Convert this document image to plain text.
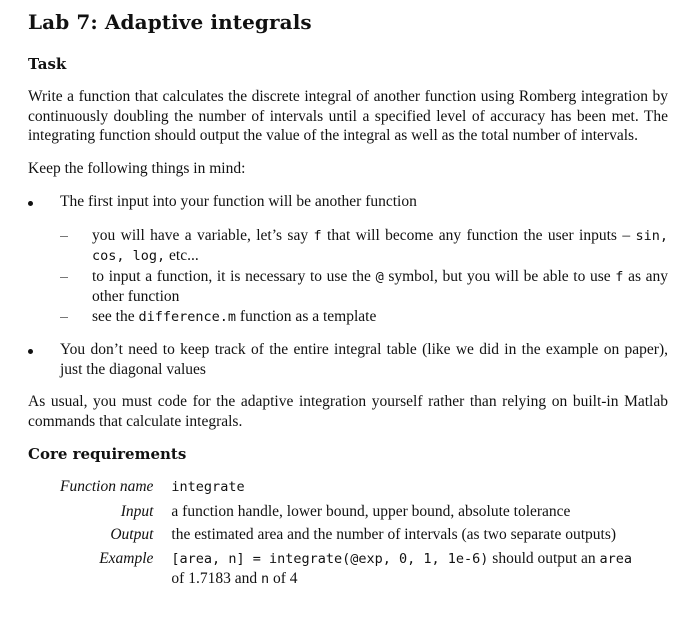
Lab 7: Adaptive integrals
Task

Write a function that calculates the discrete integral of another function using Romberg integration by continuously doubling the number of intervals until a specified level of accuracy has been met. The integrating function should output the value of the integral as well as the total number of intervals.

Keep the following things in mind:

The first input into your function will be another function

you will have a variable, let’s say f that will become any function the user inputs – sin, cos, log, etc...

to input a function, it is necessary to use the @ symbol, but you will be able to use f as any other function

see the difference.m function as a template

You don’t need to keep track of the entire integral table (like we did in the example on paper), just the diagonal values

As usual, you must code for the adaptive integration yourself rather than relying on built-in Matlab commands that calculate integrals.

Core requirements
Function name	integrate
Input	a function handle, lower bound, upper bound, absolute tolerance
Output	the estimated area and the number of intervals (as two separate outputs)
Example	[area, n] = integrate(@exp, 0, 1, 1e-6) should output an area of 1.7183 and n of 4
